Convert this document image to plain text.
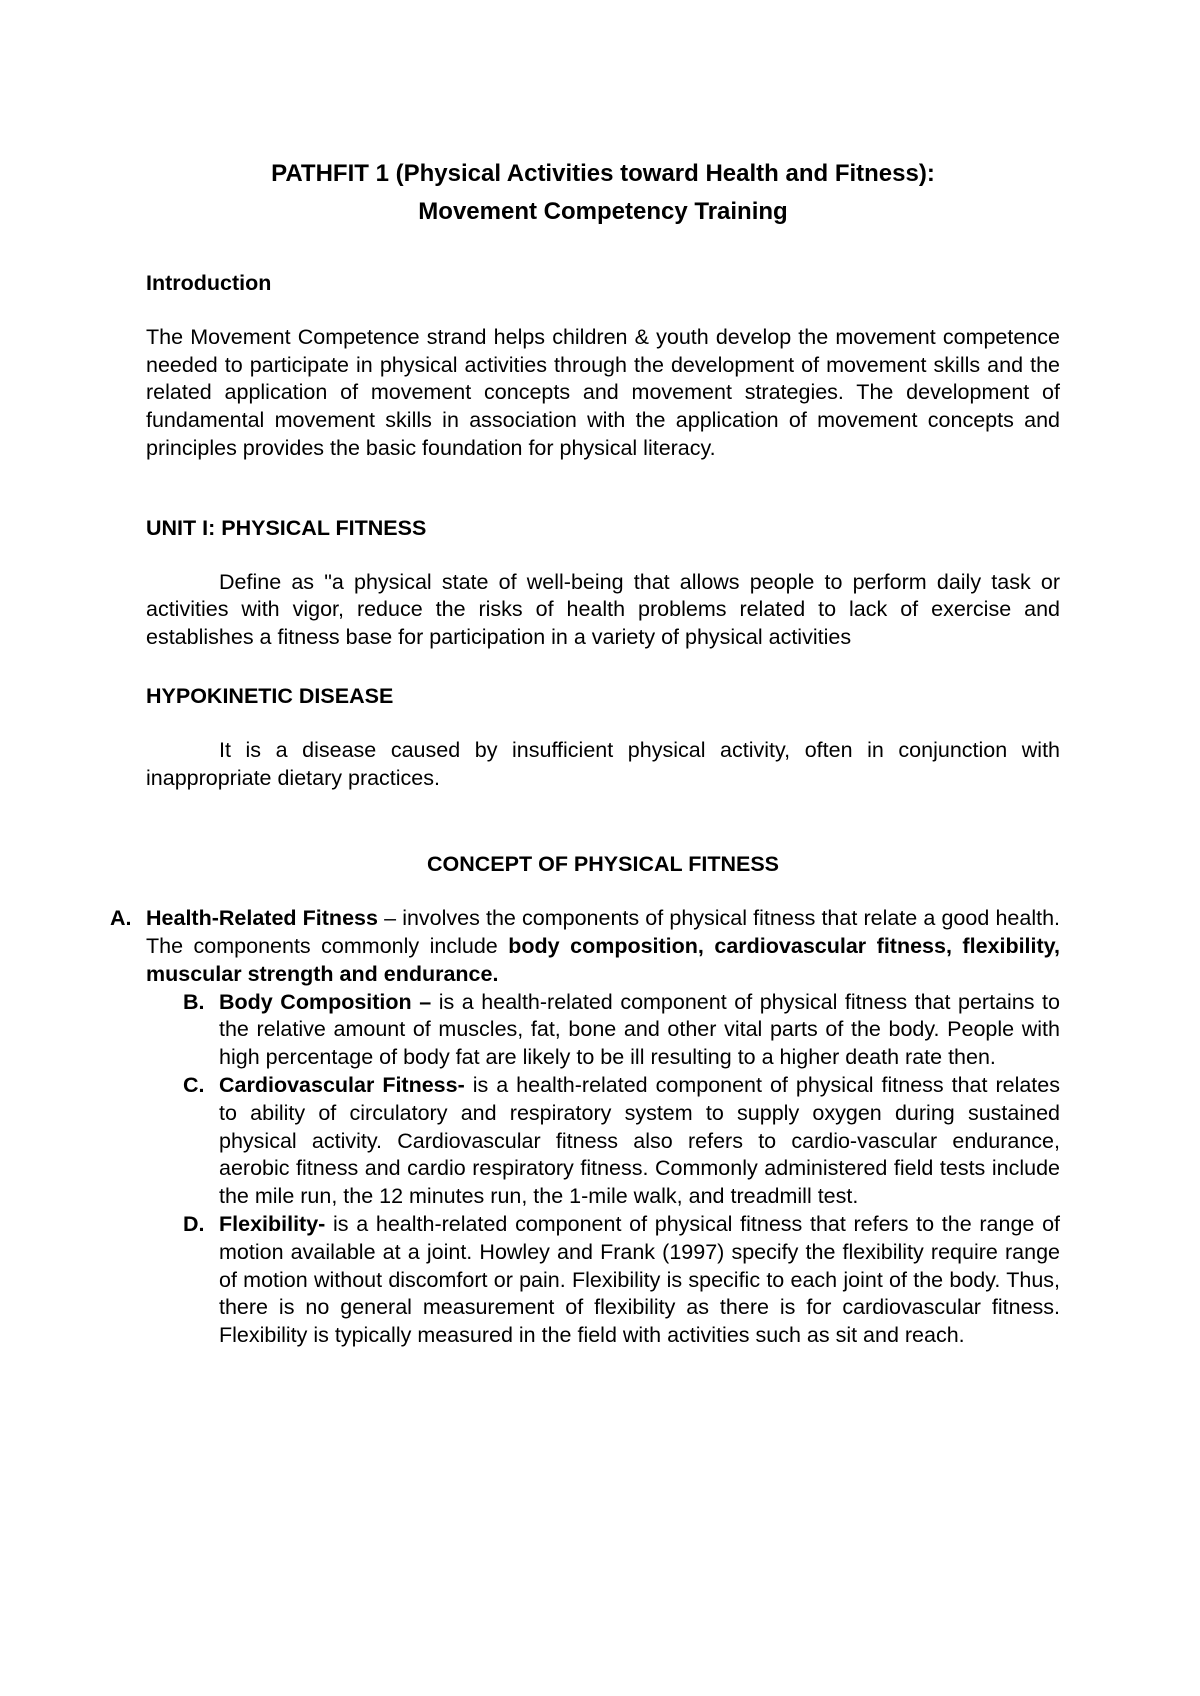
PATHFIT 1 (Physical Activities toward Health and Fitness):

Movement Competency Training

Introduction

The Movement Competence strand helps children & youth develop the movement competence needed to participate in physical activities through the development of movement skills and the related application of movement concepts and movement strategies. The development of fundamental movement skills in association with the application of movement concepts and principles provides the basic foundation for physical literacy.

UNIT I: PHYSICAL FITNESS

Define as "a physical state of well-being that allows people to perform daily task or activities with vigor, reduce the risks of health problems related to lack of exercise and establishes a fitness base for participation in a variety of physical activities

HYPOKINETIC DISEASE

It is a disease caused by insufficient physical activity, often in conjunction with inappropriate dietary practices.

CONCEPT OF PHYSICAL FITNESS

A. Health-Related Fitness – involves the components of physical fitness that relate a good health. The components commonly include body composition, cardiovascular fitness, flexibility, muscular strength and endurance.

B. Body Composition – is a health-related component of physical fitness that pertains to the relative amount of muscles, fat, bone and other vital parts of the body. People with high percentage of body fat are likely to be ill resulting to a higher death rate then.

C. Cardiovascular Fitness- is a health-related component of physical fitness that relates to ability of circulatory and respiratory system to supply oxygen during sustained physical activity. Cardiovascular fitness also refers to cardio-vascular endurance, aerobic fitness and cardio respiratory fitness. Commonly administered field tests include the mile run, the 12 minutes run, the 1-mile walk, and treadmill test.

D. Flexibility- is a health-related component of physical fitness that refers to the range of motion available at a joint. Howley and Frank (1997) specify the flexibility require range of motion without discomfort or pain. Flexibility is specific to each joint of the body. Thus, there is no general measurement of flexibility as there is for cardiovascular fitness. Flexibility is typically measured in the field with activities such as sit and reach.
